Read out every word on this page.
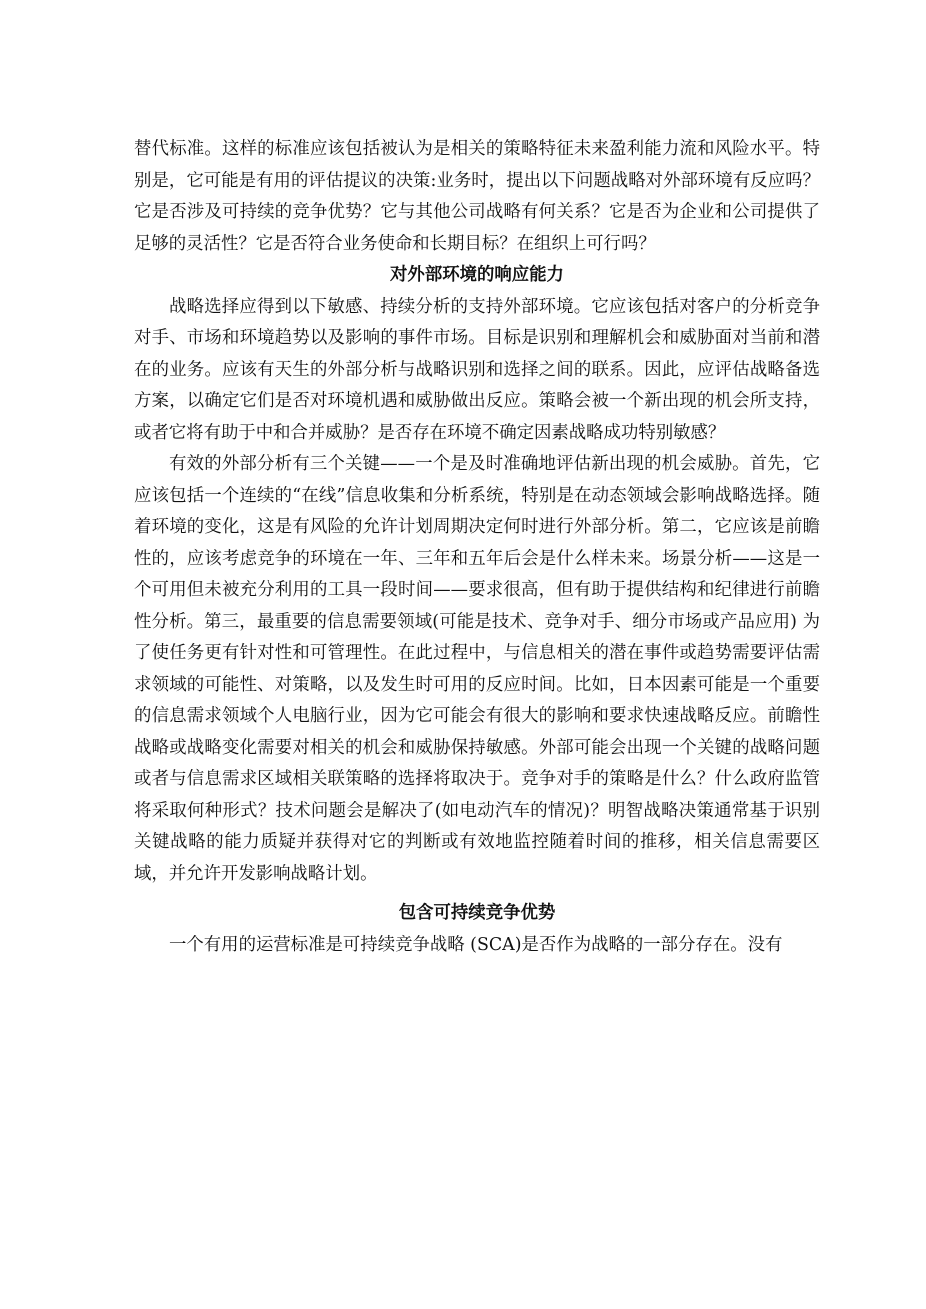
替代标准。这样的标准应该包括被认为是相关的策略特征未来盈利能力流和风险水平。特别是，它可能是有用的评估提议的决策:业务时，提出以下问题战略对外部环境有反应吗？它是否涉及可持续的竞争优势？它与其他公司战略有何关系？它是否为企业和公司提供了足够的灵活性？它是否符合业务使命和长期目标？在组织上可行吗？

对外部环境的响应能力

战略选择应得到以下敏感、持续分析的支持外部环境。它应该包括对客户的分析竞争对手、市场和环境趋势以及影响的事件市场。目标是识别和理解机会和威胁面对当前和潜在的业务。应该有天生的外部分析与战略识别和选择之间的联系。因此，应评估战略备选方案，以确定它们是否对环境机遇和威胁做出反应。策略会被一个新出现的机会所支持，或者它将有助于中和合并威胁？是否存在环境不确定因素战略成功特别敏感？

有效的外部分析有三个关键——一个是及时准确地评估新出现的机会威胁。首先，它应该包括一个连续的“在线”信息收集和分析系统，特别是在动态领域会影响战略选择。随着环境的变化，这是有风险的允许计划周期决定何时进行外部分析。第二，它应该是前瞻性的，应该考虑竞争的环境在一年、三年和五年后会是什么样未来。场景分析——这是一个可用但未被充分利用的工具一段时间——要求很高，但有助于提供结构和纪律进行前瞻性分析。第三，最重要的信息需要领域(可能是技术、竞争对手、细分市场或产品应用) 为了使任务更有针对性和可管理性。在此过程中，与信息相关的潜在事件或趋势需要评估需求领域的可能性、对策略，以及发生时可用的反应时间。比如，日本因素可能是一个重要的信息需求领域个人电脑行业，因为它可能会有很大的影响和要求快速战略反应。前瞻性战略或战略变化需要对相关的机会和威胁保持敏感。外部可能会出现一个关键的战略问题或者与信息需求区域相关联策略的选择将取决于。竞争对手的策略是什么？什么政府监管将采取何种形式？技术问题会是解决了(如电动汽车的情况)？明智战略决策通常基于识别关键战略的能力质疑并获得对它的判断或有效地监控随着时间的推移，相关信息需要区域，并允许开发影响战略计划。

包含可持续竞争优势

一个有用的运营标准是可持续竞争战略 (SCA)是否作为战略的一部分存在。没有
